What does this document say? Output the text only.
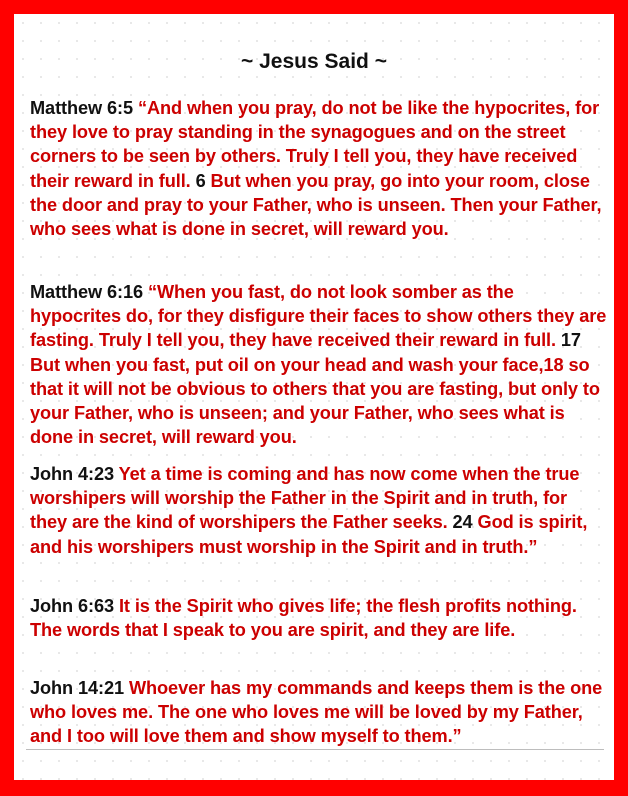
~ Jesus Said ~
Matthew 6:5 “And when you pray, do not be like the hypocrites, for they love to pray standing in the synagogues and on the street corners to be seen by others. Truly I tell you, they have received their reward in full. 6 But when you pray, go into your room, close the door and pray to your Father, who is unseen. Then your Father, who sees what is done in secret, will reward you.
Matthew 6:16 “When you fast, do not look somber as the hypocrites do, for they disfigure their faces to show others they are fasting. Truly I tell you, they have received their reward in full. 17 But when you fast, put oil on your head and wash your face,18 so that it will not be obvious to others that you are fasting, but only to your Father, who is unseen; and your Father, who sees what is done in secret, will reward you.
John 4:23 Yet a time is coming and has now come when the true worshipers will worship the Father in the Spirit and in truth, for they are the kind of worshipers the Father seeks. 24 God is spirit, and his worshipers must worship in the Spirit and in truth.”
John 6:63 It is the Spirit who gives life; the flesh profits nothing. The words that I speak to you are spirit, and they are life.
John 14:21 Whoever has my commands and keeps them is the one who loves me. The one who loves me will be loved by my Father, and I too will love them and show myself to them.”
